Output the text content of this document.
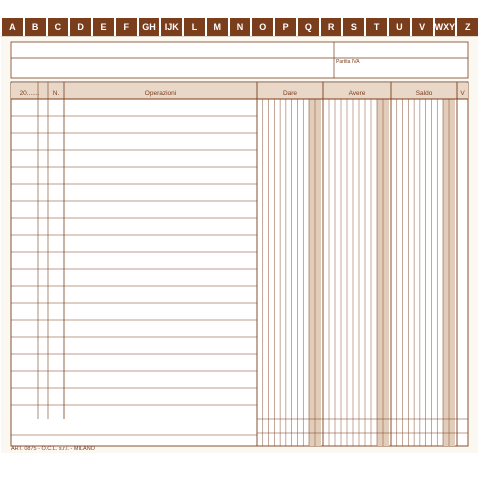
A	B	C	D	E	F	GH	IJK	L	M	N	O	P	Q	R	S	T	U	V	WXY	Z
Partita IVA
20.......	N.	Operazioni	Dare	Avere	Saldo	V
ART. 0875 - O.C.L. s.r.l. - MILANO
